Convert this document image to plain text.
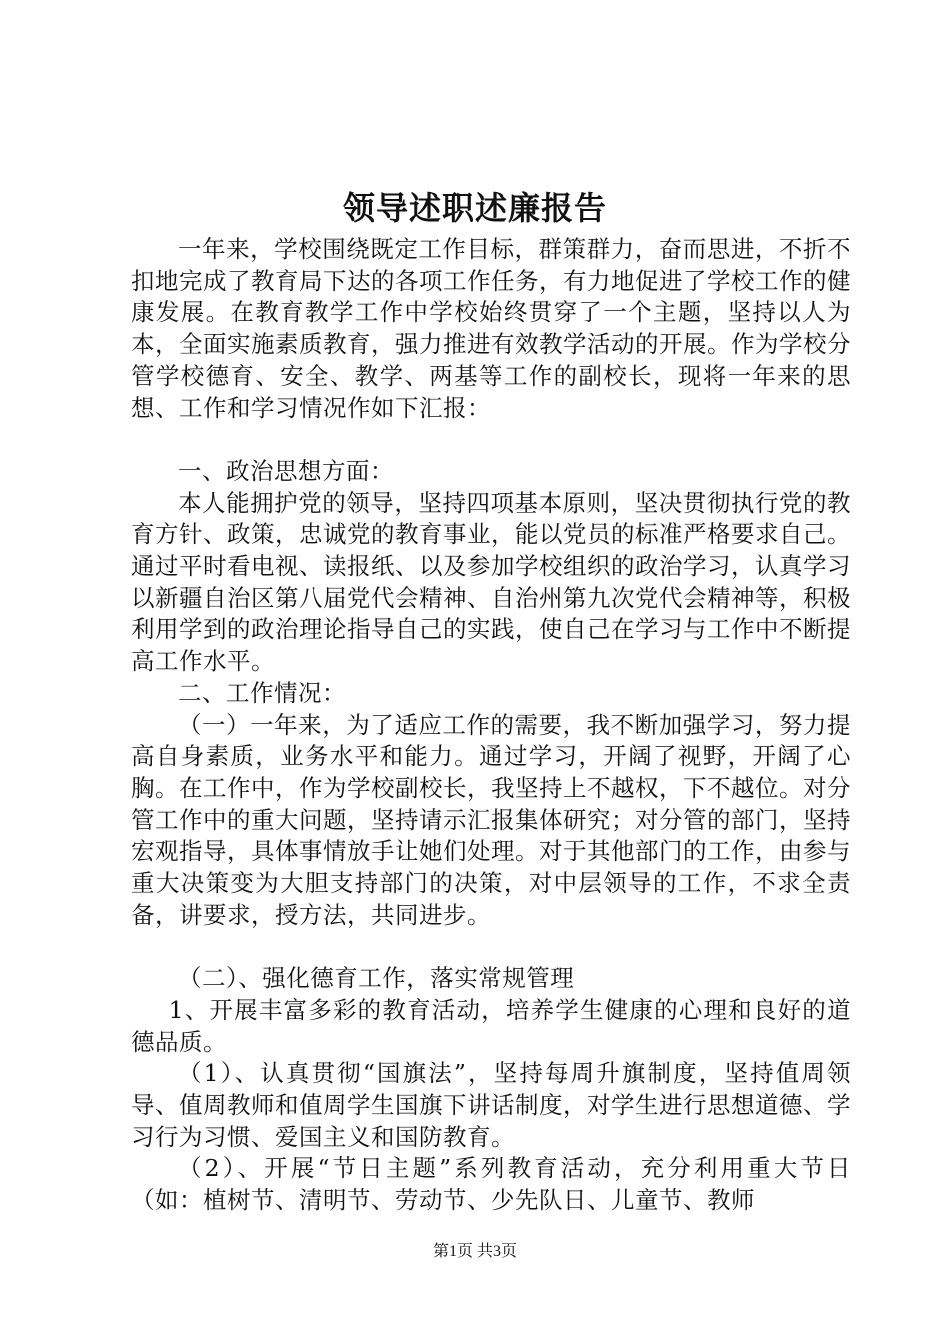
领导述职述廉报告

一年来，学校围绕既定工作目标，群策群力，奋而思进，不折不扣地完成了教育局下达的各项工作任务，有力地促进了学校工作的健康发展。在教育教学工作中学校始终贯穿了一个主题，坚持以人为本，全面实施素质教育，强力推进有效教学活动的开展。作为学校分管学校德育、安全、教学、两基等工作的副校长，现将一年来的思想、工作和学习情况作如下汇报：

一、政治思想方面：

本人能拥护党的领导，坚持四项基本原则，坚决贯彻执行党的教育方针、政策，忠诚党的教育事业，能以党员的标准严格要求自己。通过平时看电视、读报纸、以及参加学校组织的政治学习，认真学习以新疆自治区第八届党代会精神、自治州第九次党代会精神等，积极利用学到的政治理论指导自己的实践，使自己在学习与工作中不断提高工作水平。

二、工作情况：

（一）一年来，为了适应工作的需要，我不断加强学习，努力提高自身素质，业务水平和能力。通过学习，开阔了视野，开阔了心胸。在工作中，作为学校副校长，我坚持上不越权，下不越位。对分管工作中的重大问题，坚持请示汇报集体研究；对分管的部门，坚持宏观指导，具体事情放手让她们处理。对于其他部门的工作，由参与重大决策变为大胆支持部门的决策，对中层领导的工作，不求全责备，讲要求，授方法，共同进步。

（二）、强化德育工作，落实常规管理

1、开展丰富多彩的教育活动，培养学生健康的心理和良好的道德品质。

（1）、认真贯彻“国旗法”，坚持每周升旗制度，坚持值周领导、值周教师和值周学生国旗下讲话制度，对学生进行思想道德、学习行为习惯、爱国主义和国防教育。

（2）、开展“节日主题”系列教育活动，充分利用重大节日（如：植树节、清明节、劳动节、少先队日、儿童节、教师

第1页 共3页
